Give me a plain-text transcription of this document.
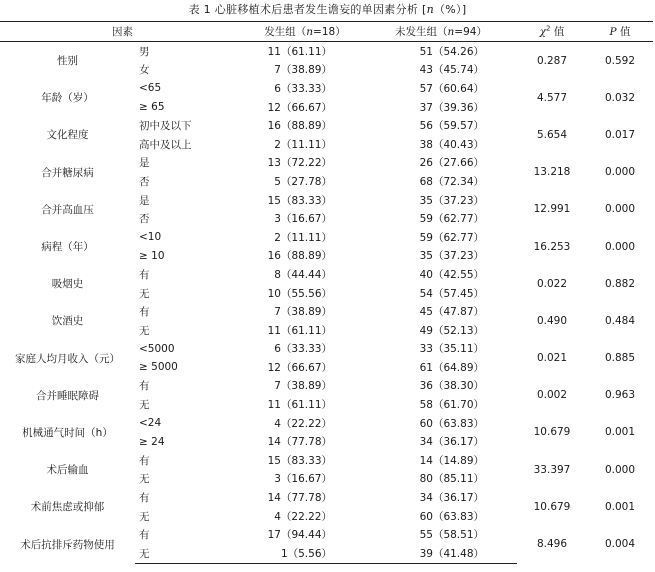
表 1 心脏移植术后患者发生谵妄的单因素分析 [n（%）]
因素		发生组（n=18）	未发生组（n=94）	$\chi^2$ 值	P 值
性别	男	11（61.11）	51（54.26）	0.287	0.592
	女	7（38.89）	43（45.74）		
年龄（岁）	<65	6（33.33）	57（60.64）	4.577	0.032
	≥ 65	12（66.67）	37（39.36）		
文化程度	初中及以下	16（88.89）	56（59.57）	5.654	0.017
	高中及以上	2（11.11）	38（40.43）		
合并糖尿病	是	13（72.22）	26（27.66）	13.218	0.000
	否	5（27.78）	68（72.34）		
合并高血压	是	15（83.33）	35（37.23）	12.991	0.000
	否	3（16.67）	59（62.77）		
病程（年）	<10	2（11.11）	59（62.77）	16.253	0.000
	≥ 10	16（88.89）	35（37.23）		
吸烟史	有	8（44.44）	40（42.55）	0.022	0.882
	无	10（55.56）	54（57.45）		
饮酒史	有	7（38.89）	45（47.87）	0.490	0.484
	无	11（61.11）	49（52.13）		
家庭人均月收入（元）	<5000	6（33.33）	33（35.11）	0.021	0.885
	≥ 5000	12（66.67）	61（64.89）		
合并睡眠障碍	有	7（38.89）	36（38.30）	0.002	0.963
	无	11（61.11）	58（61.70）		
机械通气时间（h）	<24	4（22.22）	60（63.83）	10.679	0.001
	≥ 24	14（77.78）	34（36.17）		
术后输血	有	15（83.33）	14（14.89）	33.397	0.000
	无	3（16.67）	80（85.11）		
术前焦虑或抑郁	有	14（77.78）	34（36.17）	10.679	0.001
	无	4（22.22）	60（63.83）		
术后抗排斥药物使用	有	17（94.44）	55（58.51）	8.496	0.004
	无	1（5.56）	39（41.48）		
